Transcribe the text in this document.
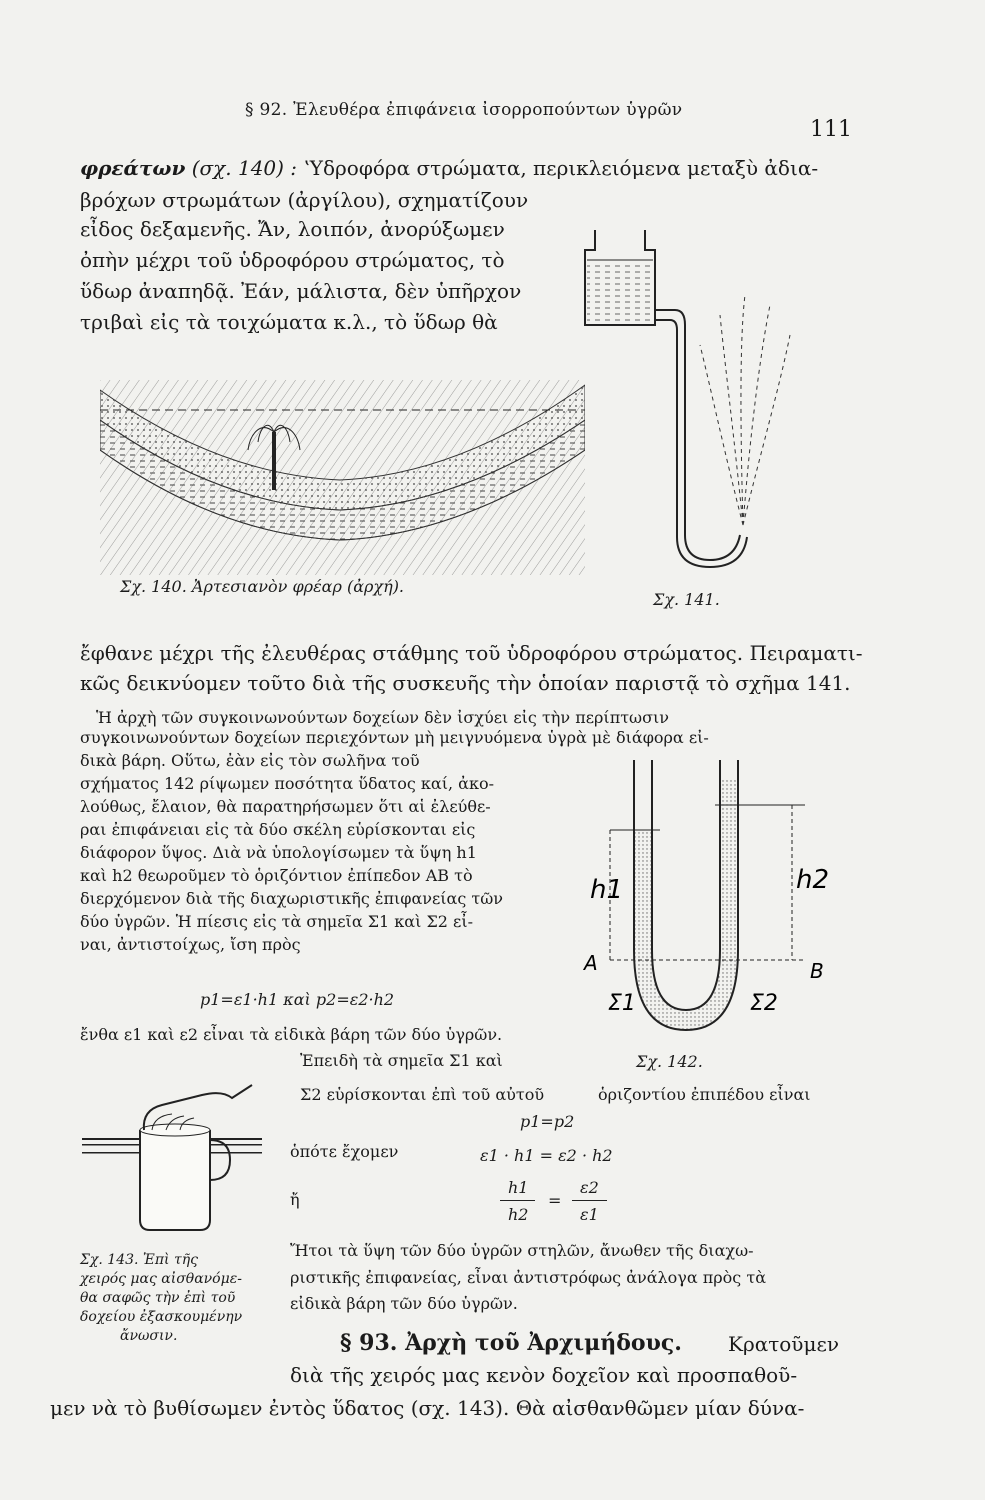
§ 92. Ἐλευθέρα ἐπιφάνεια ἰσορροπούντων ὑγρῶν
111
φρεάτων (σχ. 140) : ʽΥδροφόρα στρώματα, περικλειόμενα μεταξὺ ἀδια-
βρόχων στρωμάτων (ἀργίλου), σχηματίζουν
εἶδος δεξαμενῆς. Ἄν, λοιπόν, ἀνορύξωμεν
ὀπὴν μέχρι τοῦ ὑδροφόρου στρώματος, τὸ
ὕδωρ ἀναπηδᾷ. Ἐάν, μάλιστα, δὲν ὑπῆρχον
τριβαὶ εἰς τὰ τοιχώματα κ.λ., τὸ ὕδωρ θὰ
Σχ. 140. Ἀρτεσιανὸν φρέαρ (ἀρχή).
Σχ. 141.
ἔφθανε μέχρι τῆς ἐλευθέρας στάθμης τοῦ ὑδροφόρου στρώματος. Πειραματι-
κῶς δεικνύομεν τοῦτο διὰ τῆς συσκευῆς τὴν ὁποίαν παριστᾷ τὸ σχῆμα 141.
Ἡ ἀρχὴ τῶν συγκοινωνούντων δοχείων δὲν ἰσχύει εἰς τὴν περίπτωσιν
συγκοινωνούντων δοχείων περιεχόντων μὴ μειγνυόμενα ὑγρὰ μὲ διάφορα εἰ-
δικὰ βάρη. Οὕτω, ἐὰν εἰς τὸν σωλῆνα τοῦ
σχήματος 142 ρίψωμεν ποσότητα ὕδατος καί, ἀκο-
λούθως, ἔλαιον, θὰ παρατηρήσωμεν ὅτι αἱ ἐλεύθε-
ραι ἐπιφάνειαι εἰς τὰ δύο σκέλη εὑρίσκονται εἰς
διάφορον ὕψος. Διὰ νὰ ὑπολογίσωμεν τὰ ὕψη h1
καὶ h2 θεωροῦμεν τὸ ὁριζόντιον ἐπίπεδον AB τὸ
διερχόμενον διὰ τῆς διαχωριστικῆς ἐπιφανείας τῶν
δύο ὑγρῶν. Ἡ πίεσις εἰς τὰ σημεῖα Σ1 καὶ Σ2 εἶ-
ναι, ἀντιστοίχως, ἴση πρὸς
h1	h2
A	B
Σ1	Σ2
Σχ. 142.
p1=ε1·h1 καὶ p2=ε2·h2
ἔνθα ε1 καὶ ε2 εἶναι τὰ εἰδικὰ βάρη τῶν δύο ὑγρῶν.
Ἐπειδὴ τὰ σημεῖα Σ1 καὶ
Σ2 εὑρίσκονται ἐπὶ τοῦ αὐτοῦ	ὁριζοντίου ἐπιπέδου εἶναι
p1=p2
ὁπότε ἔχομεν	ε1 · h1 = ε2 · h2
ἤ
h1
h2
=
ε2
ε1
Σχ. 143. Ἐπὶ τῆς
χειρός μας αἰσθανόμε-
θα σαφῶς τὴν ἐπὶ τοῦ
δοχείου ἐξασκουμένην
ἄνωσιν.
Ἤτοι τὰ ὕψη τῶν δύο ὑγρῶν στηλῶν, ἄνωθεν τῆς διαχω-
ριστικῆς ἐπιφανείας, εἶναι ἀντιστρόφως ἀνάλογα πρὸς τὰ
εἰδικὰ βάρη τῶν δύο ὑγρῶν.
§ 93. Ἀρχὴ τοῦ Ἀρχιμήδους. Κρατοῦμεν
διὰ τῆς χειρός μας κενὸν δοχεῖον καὶ προσπαθοῦ-
μεν νὰ τὸ βυθίσωμεν ἐντὸς ὕδατος (σχ. 143). Θὰ αἰσθανθῶμεν μίαν δύνα-
